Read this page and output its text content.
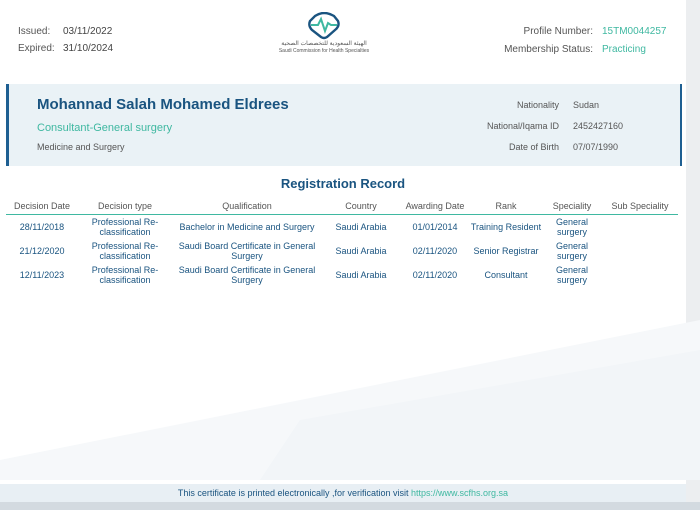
Issued:	03/11/2022
Expired: 31/10/2024	الهيئة السعودية للتخصصات الصحية
Saudi Commission for Health Specialties
Profile Number: 15TM0044257
Membership Status: Practicing
Mohannad Salah Mohamed Eldrees
Consultant-General surgery
Medicine and Surgery
Nationality Sudan
National/Iqama ID 2452427160
Date of Birth 07/07/1990
Registration Record
Decision Date	Decision type	Qualification	Country	Awarding Date	Rank	Speciality	Sub Speciality
28/11/2018	Professional Re-classification	Bachelor in Medicine and Surgery	Saudi Arabia	01/01/2014	Training Resident	General surgery	
21/12/2020	Professional Re-classification	Saudi Board Certificate in General Surgery	Saudi Arabia	02/11/2020	Senior Registrar	General surgery	
12/11/2023	Professional Re-classification	Saudi Board Certificate in General Surgery	Saudi Arabia	02/11/2020	Consultant	General surgery	
This certificate is printed electronically ,for verification visit https://www.scfhs.org.sa
